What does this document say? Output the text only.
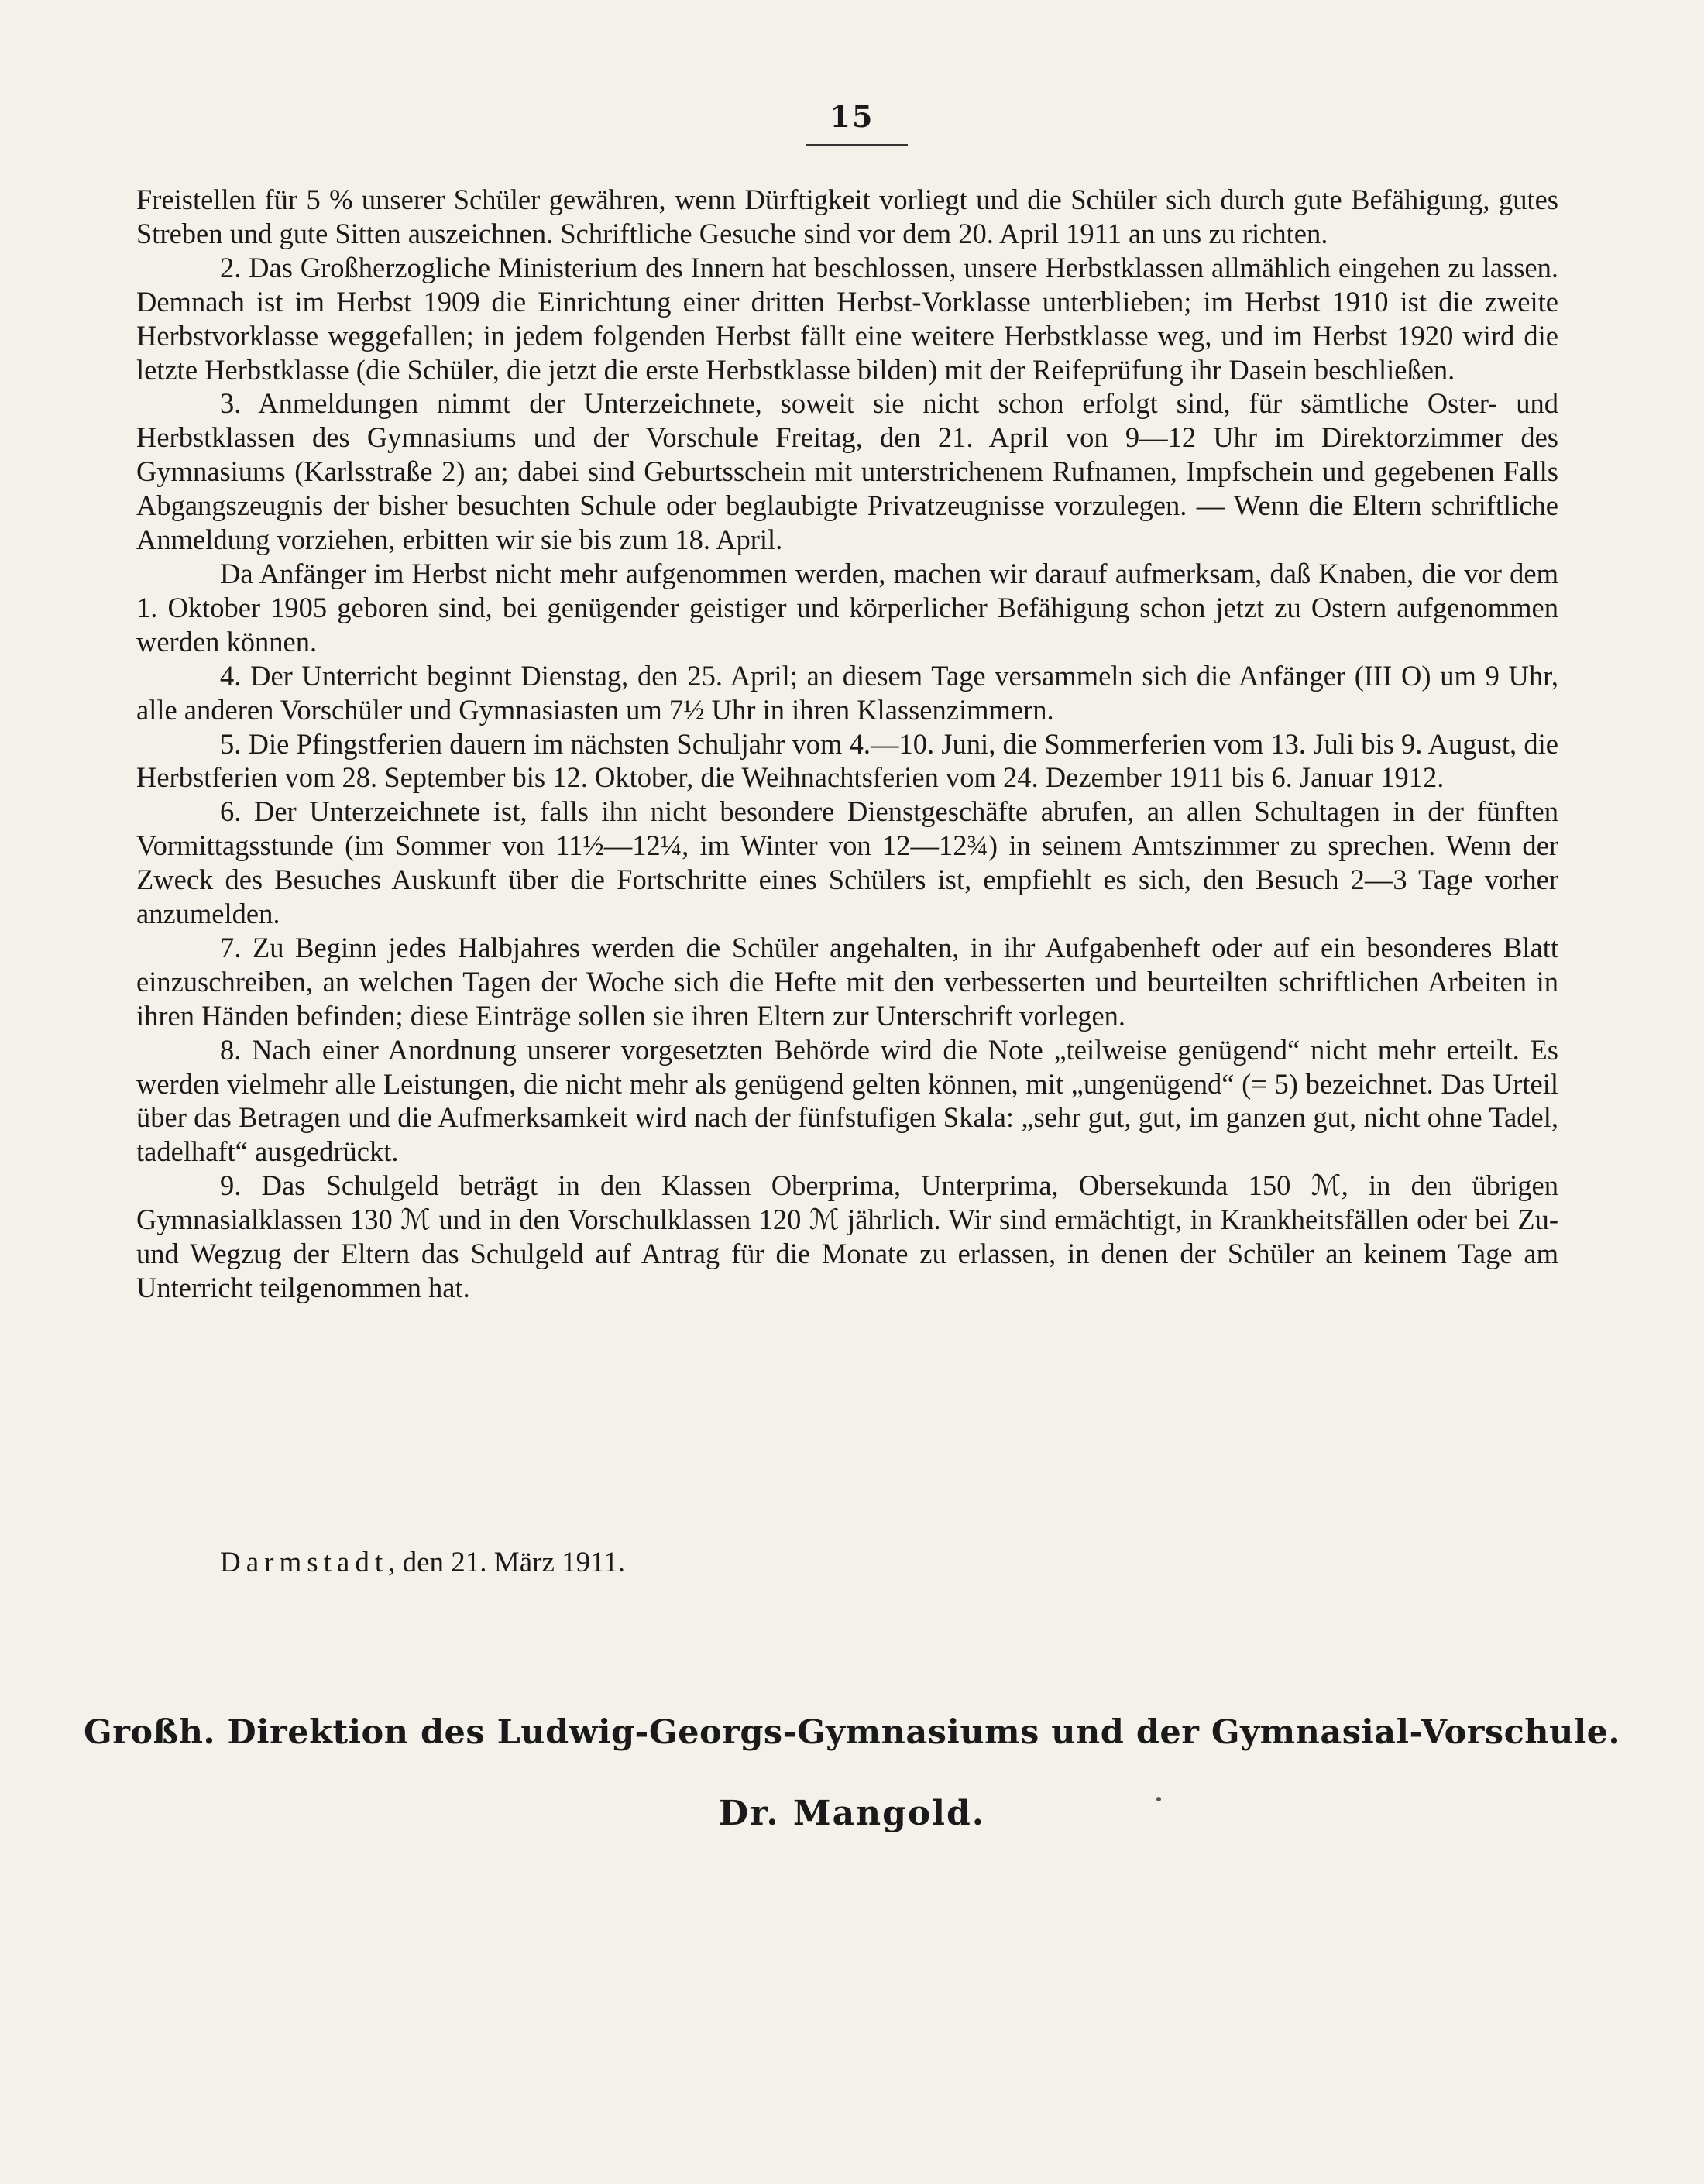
15

Freistellen für 5 % unserer Schüler gewähren, wenn Dürftigkeit vorliegt und die Schüler sich durch gute Befähigung, gutes Streben und gute Sitten auszeichnen. Schriftliche Gesuche sind vor dem 20. April 1911 an uns zu richten.

2. Das Großherzogliche Ministerium des Innern hat beschlossen, unsere Herbstklassen allmählich eingehen zu lassen. Demnach ist im Herbst 1909 die Einrichtung einer dritten Herbst-Vorklasse unterblieben; im Herbst 1910 ist die zweite Herbstvorklasse weggefallen; in jedem folgenden Herbst fällt eine weitere Herbstklasse weg, und im Herbst 1920 wird die letzte Herbstklasse (die Schüler, die jetzt die erste Herbstklasse bilden) mit der Reifeprüfung ihr Dasein beschließen.

3. Anmeldungen nimmt der Unterzeichnete, soweit sie nicht schon erfolgt sind, für sämtliche Oster- und Herbstklassen des Gymnasiums und der Vorschule Freitag, den 21. April von 9—12 Uhr im Direktorzimmer des Gymnasiums (Karlsstraße 2) an; dabei sind Geburtsschein mit unterstrichenem Rufnamen, Impfschein und gegebenen Falls Abgangszeugnis der bisher besuchten Schule oder beglaubigte Privatzeugnisse vorzulegen. — Wenn die Eltern schriftliche Anmeldung vorziehen, erbitten wir sie bis zum 18. April.

Da Anfänger im Herbst nicht mehr aufgenommen werden, machen wir darauf aufmerksam, daß Knaben, die vor dem 1. Oktober 1905 geboren sind, bei genügender geistiger und körperlicher Befähigung schon jetzt zu Ostern aufgenommen werden können.

4. Der Unterricht beginnt Dienstag, den 25. April; an diesem Tage versammeln sich die Anfänger (III O) um 9 Uhr, alle anderen Vorschüler und Gymnasiasten um 7½ Uhr in ihren Klassenzimmern.

5. Die Pfingstferien dauern im nächsten Schuljahr vom 4.—10. Juni, die Sommerferien vom 13. Juli bis 9. August, die Herbstferien vom 28. September bis 12. Oktober, die Weihnachtsferien vom 24. Dezember 1911 bis 6. Januar 1912.

6. Der Unterzeichnete ist, falls ihn nicht besondere Dienstgeschäfte abrufen, an allen Schultagen in der fünften Vormittagsstunde (im Sommer von 11½—12¼, im Winter von 12—12¾) in seinem Amtszimmer zu sprechen. Wenn der Zweck des Besuches Auskunft über die Fortschritte eines Schülers ist, empfiehlt es sich, den Besuch 2—3 Tage vorher anzumelden.

7. Zu Beginn jedes Halbjahres werden die Schüler angehalten, in ihr Aufgabenheft oder auf ein besonderes Blatt einzuschreiben, an welchen Tagen der Woche sich die Hefte mit den verbesserten und beurteilten schriftlichen Arbeiten in ihren Händen befinden; diese Einträge sollen sie ihren Eltern zur Unterschrift vorlegen.

8. Nach einer Anordnung unserer vorgesetzten Behörde wird die Note „teilweise genügend“ nicht mehr erteilt. Es werden vielmehr alle Leistungen, die nicht mehr als genügend gelten können, mit „ungenügend“ (= 5) bezeichnet. Das Urteil über das Betragen und die Aufmerksamkeit wird nach der fünfstufigen Skala: „sehr gut, gut, im ganzen gut, nicht ohne Tadel, tadelhaft“ ausgedrückt.

9. Das Schulgeld beträgt in den Klassen Oberprima, Unterprima, Obersekunda 150 ℳ, in den übrigen Gymnasialklassen 130 ℳ und in den Vorschulklassen 120 ℳ jährlich. Wir sind ermächtigt, in Krankheitsfällen oder bei Zu- und Wegzug der Eltern das Schulgeld auf Antrag für die Monate zu erlassen, in denen der Schüler an keinem Tage am Unterricht teilgenommen hat.

Darmstadt, den 21. März 1911.
Großh. Direktion des Ludwig-Georgs-Gymnasiums und der Gymnasial-Vorschule.
Dr. Mangold.
